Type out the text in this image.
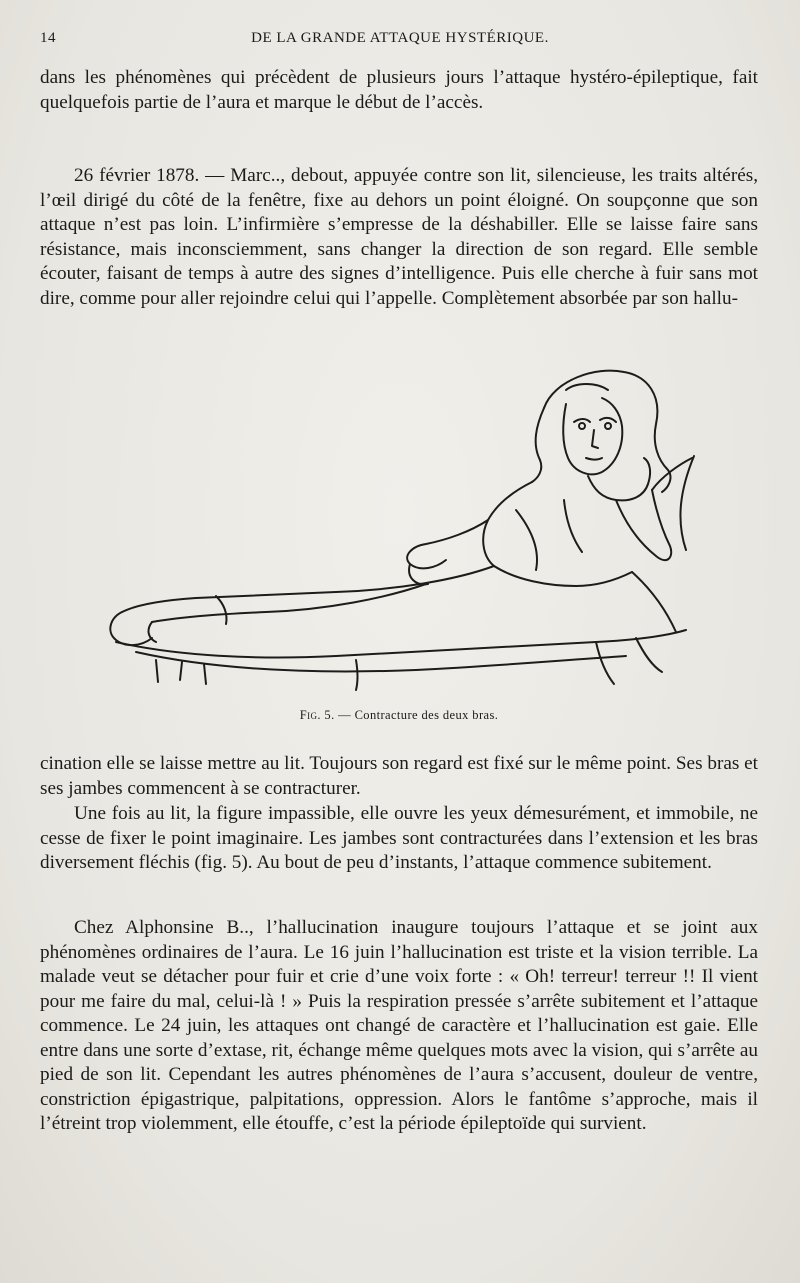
14	DE LA GRANDE ATTAQUE HYSTÉRIQUE.

dans les phénomènes qui précèdent de plusieurs jours l’attaque hystéro-épileptique, fait quelquefois partie de l’aura et marque le début de l’accès.

26 février 1878. — Marc.., debout, appuyée contre son lit, silencieuse, les traits altérés, l’œil dirigé du côté de la fenêtre, fixe au dehors un point éloigné. On soupçonne que son attaque n’est pas loin. L’infirmière s’empresse de la déshabiller. Elle se laisse faire sans résistance, mais inconsciemment, sans changer la direction de son regard. Elle semble écouter, faisant de temps à autre des signes d’intelligence. Puis elle cherche à fuir sans mot dire, comme pour aller rejoindre celui qui l’appelle. Complètement absorbée par son hallu-

Fig. 5. — Contracture des deux bras.

cination elle se laisse mettre au lit. Toujours son regard est fixé sur le même point. Ses bras et ses jambes commencent à se contracturer.

Une fois au lit, la figure impassible, elle ouvre les yeux démesurément, et immobile, ne cesse de fixer le point imaginaire. Les jambes sont contracturées dans l’extension et les bras diversement fléchis (fig. 5). Au bout de peu d’instants, l’attaque commence subitement.

Chez Alphonsine B.., l’hallucination inaugure toujours l’attaque et se joint aux phénomènes ordinaires de l’aura. Le 16 juin l’hallucination est triste et la vision terrible. La malade veut se détacher pour fuir et crie d’une voix forte : « Oh! terreur! terreur !! Il vient pour me faire du mal, celui-là ! » Puis la respiration pressée s’arrête subitement et l’attaque commence. Le 24 juin, les attaques ont changé de caractère et l’hallucination est gaie. Elle entre dans une sorte d’extase, rit, échange même quelques mots avec la vision, qui s’arrête au pied de son lit. Cependant les autres phénomènes de l’aura s’accusent, douleur de ventre, constriction épigastrique, palpitations, oppression. Alors le fantôme s’approche, mais il l’étreint trop violemment, elle étouffe, c’est la période épileptoïde qui survient.
